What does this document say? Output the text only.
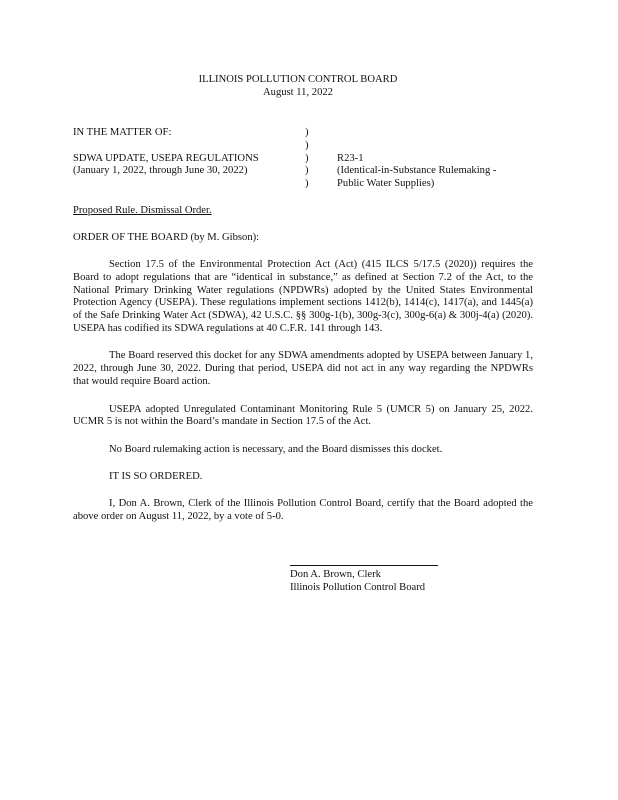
ILLINOIS POLLUTION CONTROL BOARD
August 11, 2022
IN THE MATTER OF:
SDWA UPDATE, USEPA REGULATIONS
(January 1, 2022, through June 30, 2022)
)
)
)
)
)
R23-1
(Identical-in-Substance Rulemaking -
Public Water Supplies)
Proposed Rule. Dismissal Order.
ORDER OF THE BOARD (by M. Gibson):

Section 17.5 of the Environmental Protection Act (Act) (415 ILCS 5/17.5 (2020)) requires the Board to adopt regulations that are “identical in substance,” as defined at Section 7.2 of the Act, to the National Primary Drinking Water regulations (NPDWRs) adopted by the United States Environmental Protection Agency (USEPA). These regulations implement sections 1412(b), 1414(c), 1417(a), and 1445(a) of the Safe Drinking Water Act (SDWA), 42 U.S.C. §§ 300g-1(b), 300g-3(c), 300g-6(a) & 300j-4(a) (2020). USEPA has codified its SDWA regulations at 40 C.F.R. 141 through 143.

The Board reserved this docket for any SDWA amendments adopted by USEPA between January 1, 2022, through June 30, 2022. During that period, USEPA did not act in any way regarding the NPDWRs that would require Board action.

USEPA adopted Unregulated Contaminant Monitoring Rule 5 (UMCR 5) on January 25, 2022. UCMR 5 is not within the Board’s mandate in Section 17.5 of the Act.

No Board rulemaking action is necessary, and the Board dismisses this docket.

IT IS SO ORDERED.

I, Don A. Brown, Clerk of the Illinois Pollution Control Board, certify that the Board adopted the above order on August 11, 2022, by a vote of 5-0.

Don A. Brown, Clerk
Illinois Pollution Control Board
